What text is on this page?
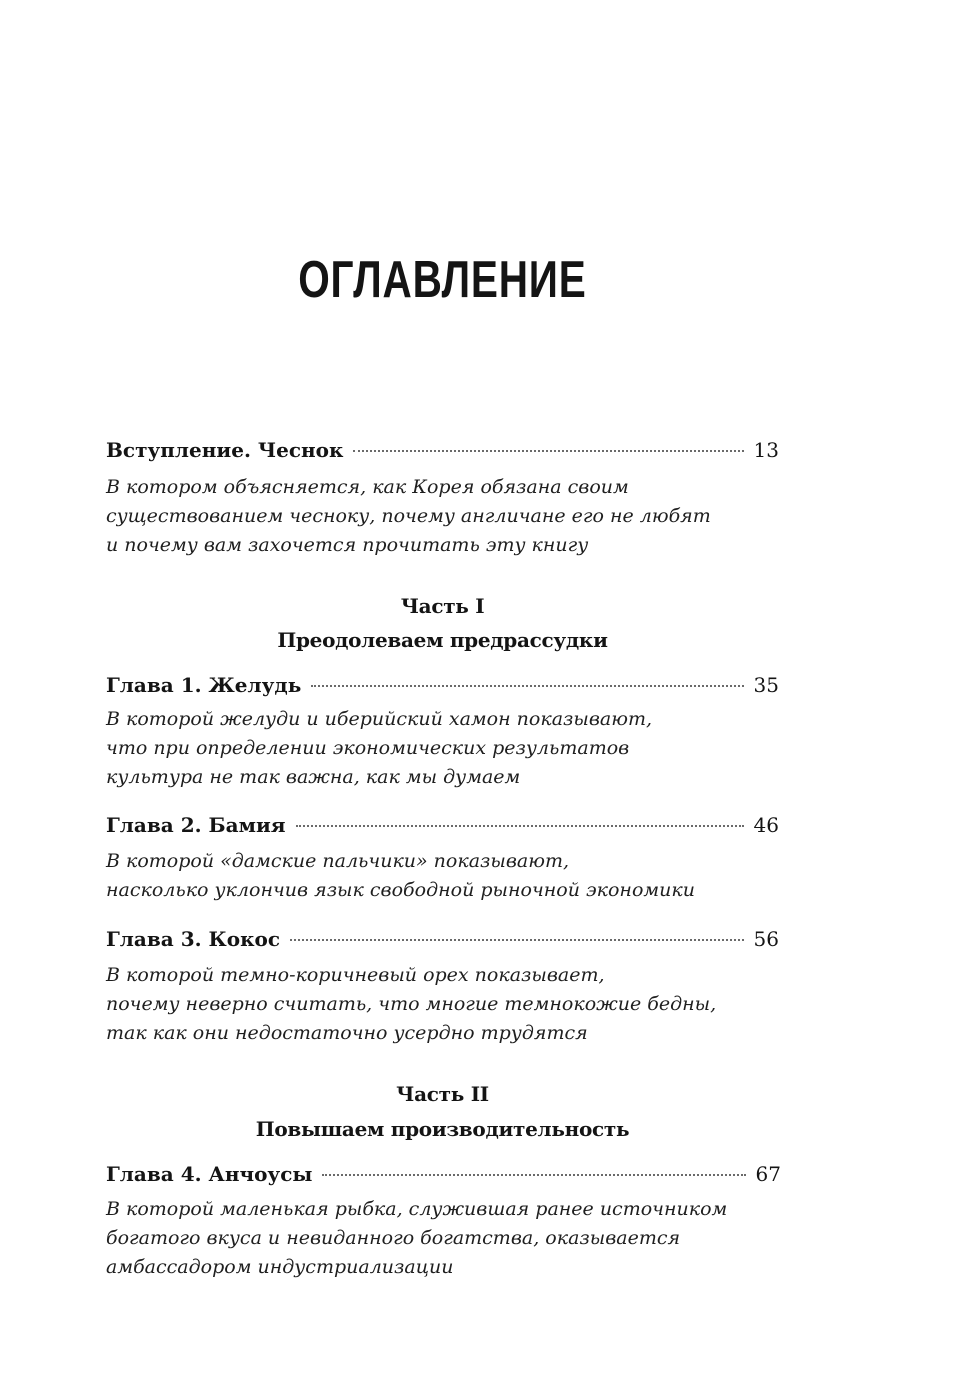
ОГЛАВЛЕНИЕ
Вступление. Чеснок	13
В котором объясняется, как Корея обязана своим
существованием чесноку, почему англичане его не любят
и почему вам захочется прочитать эту книгу
Часть I
Преодолеваем предрассудки
Глава 1. Желудь	35
В которой желуди и иберийский хамон показывают,
что при определении экономических результатов
культура не так важна, как мы думаем
Глава 2. Бамия	46
В которой «дамские пальчики» показывают,
насколько уклончив язык свободной рыночной экономики
Глава 3. Кокос	56
В которой темно-коричневый орех показывает,
почему неверно считать, что многие темнокожие бедны,
так как они недостаточно усердно трудятся
Часть II
Повышаем производительность
Глава 4. Анчоусы	67
В которой маленькая рыбка, служившая ранее источником
богатого вкуса и невиданного богатства, оказывается
амбассадором индустриализации
